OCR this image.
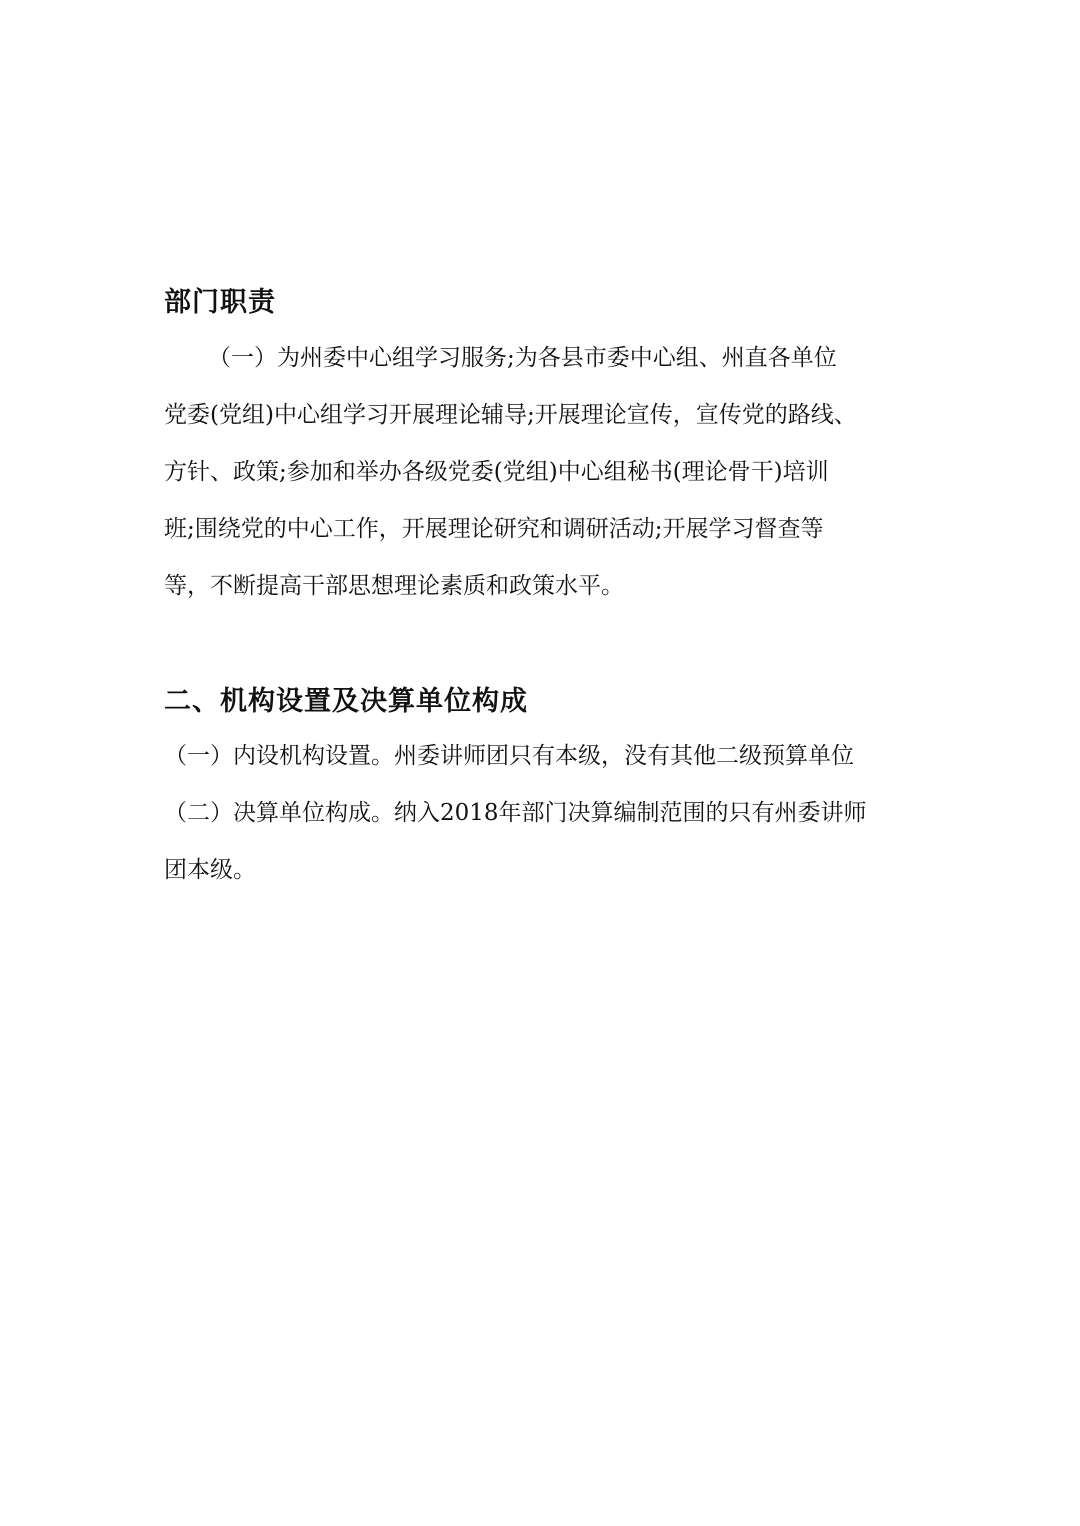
部门职责
（一）为州委中心组学习服务;为各县市委中心组、州直各单位
党委(党组)中心组学习开展理论辅导;开展理论宣传，宣传党的路线、
方针、政策;参加和举办各级党委(党组)中心组秘书(理论骨干)培训
班;围绕党的中心工作，开展理论研究和调研活动;开展学习督查等
等，不断提高干部思想理论素质和政策水平。
二、机构设置及决算单位构成
（一）内设机构设置。州委讲师团只有本级，没有其他二级预算单位
（二）决算单位构成。纳入2018年部门决算编制范围的只有州委讲师
团本级。
